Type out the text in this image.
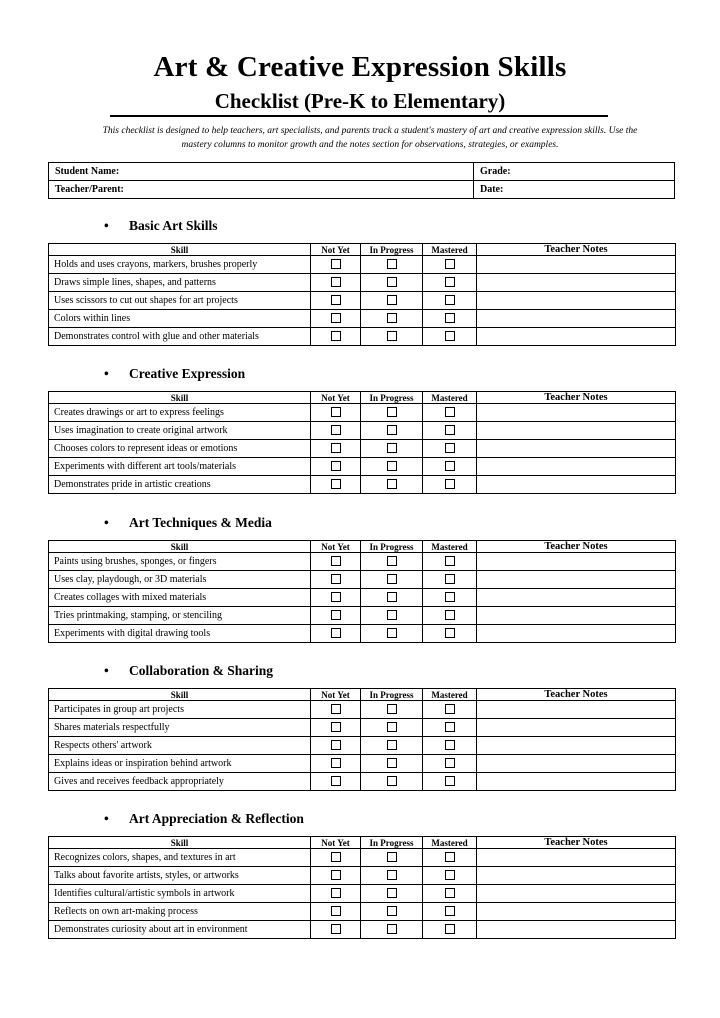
Art & Creative Expression Skills
Checklist (Pre-K to Elementary)
This checklist is designed to help teachers, art specialists, and parents track a student's mastery of art and creative expression skills. Use the mastery columns to monitor growth and the notes section for observations, strategies, or examples.
Student Name:	Grade:
Teacher/Parent:	Date:
• Basic Art Skills
Skill	Not Yet	In Progress	Mastered	Teacher Notes
Holds and uses crayons, markers, brushes properly				
Draws simple lines, shapes, and patterns				
Uses scissors to cut out shapes for art projects				
Colors within lines				
Demonstrates control with glue and other materials				
• Creative Expression
Skill	Not Yet	In Progress	Mastered	Teacher Notes
Creates drawings or art to express feelings				
Uses imagination to create original artwork				
Chooses colors to represent ideas or emotions				
Experiments with different art tools/materials				
Demonstrates pride in artistic creations				
• Art Techniques & Media
Skill	Not Yet	In Progress	Mastered	Teacher Notes
Paints using brushes, sponges, or fingers				
Uses clay, playdough, or 3D materials				
Creates collages with mixed materials				
Tries printmaking, stamping, or stenciling				
Experiments with digital drawing tools				
• Collaboration & Sharing
Skill	Not Yet	In Progress	Mastered	Teacher Notes
Participates in group art projects				
Shares materials respectfully				
Respects others' artwork				
Explains ideas or inspiration behind artwork				
Gives and receives feedback appropriately				
• Art Appreciation & Reflection
Skill	Not Yet	In Progress	Mastered	Teacher Notes
Recognizes colors, shapes, and textures in art				
Talks about favorite artists, styles, or artworks				
Identifies cultural/artistic symbols in artwork				
Reflects on own art-making process				
Demonstrates curiosity about art in environment				
